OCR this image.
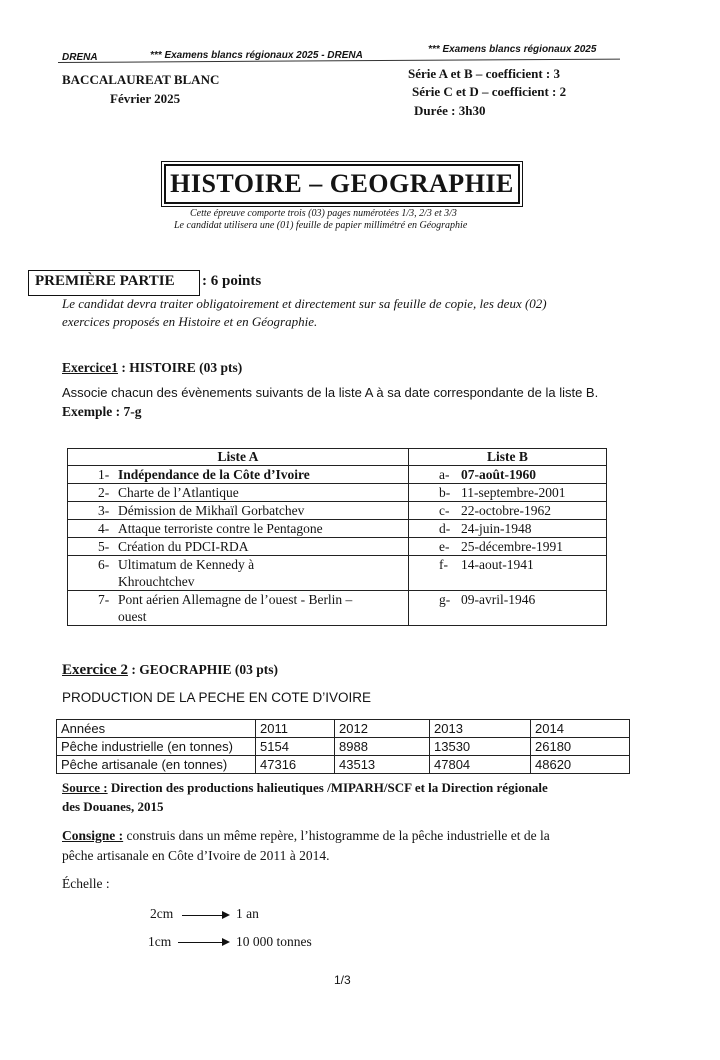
DRENA	*** Examens blancs régionaux 2025 - DRENA
*** Examens blancs régionaux 2025
BACCALAUREAT BLANC
Février 2025
Série A et B – coefficient : 3
Série C et D – coefficient : 2
Durée : 3h30
HISTOIRE – GEOGRAPHIE
Cette épreuve comporte trois (03) pages numérotées 1/3, 2/3 et 3/3
Le candidat utilisera une (01) feuille de papier millimétré en Géographie
PREMIÈRE PARTIE : 6 points
Le candidat devra traiter obligatoirement et directement sur sa feuille de copie, les deux (02)
exercices proposés en Histoire et en Géographie.
Exercice1 : HISTOIRE (03 pts)
Associe chacun des évènements suivants de la liste A à sa date correspondante de la liste B.
Exemple : 7-g
Liste A	Liste B
1- Indépendance de la Côte d’Ivoire	a- 07-août-1960
2- Charte de l’Atlantique	b- 11-septembre-2001
3- Démission de Mikhaïl Gorbatchev	c- 22-octobre-1962
4- Attaque terroriste contre le Pentagone	d- 24-juin-1948
5- Création du PDCI-RDA	e- 25-décembre-1991
6- Ultimatum de Kennedy à
Khrouchtchev	f- 14-aout-1941
7- Pont aérien Allemagne de l’ouest - Berlin –
ouest	g- 09-avril-1946
Exercice 2 : GEOCRAPHIE (03 pts)
PRODUCTION DE LA PECHE EN COTE D’IVOIRE
Années	2011	2012	2013	2014
Pêche industrielle (en tonnes)	5154	8988	13530	26180
Pêche artisanale (en tonnes)	47316	43513	47804	48620
Source : Direction des productions halieutiques /MIPARH/SCF et la Direction régionale
des Douanes, 2015
Consigne : construis dans un même repère, l’histogramme de la pêche industrielle et de la
pêche artisanale en Côte d’Ivoire de 2011 à 2014.
Échelle :
2cm	1 an
1cm	10 000 tonnes
1/3
